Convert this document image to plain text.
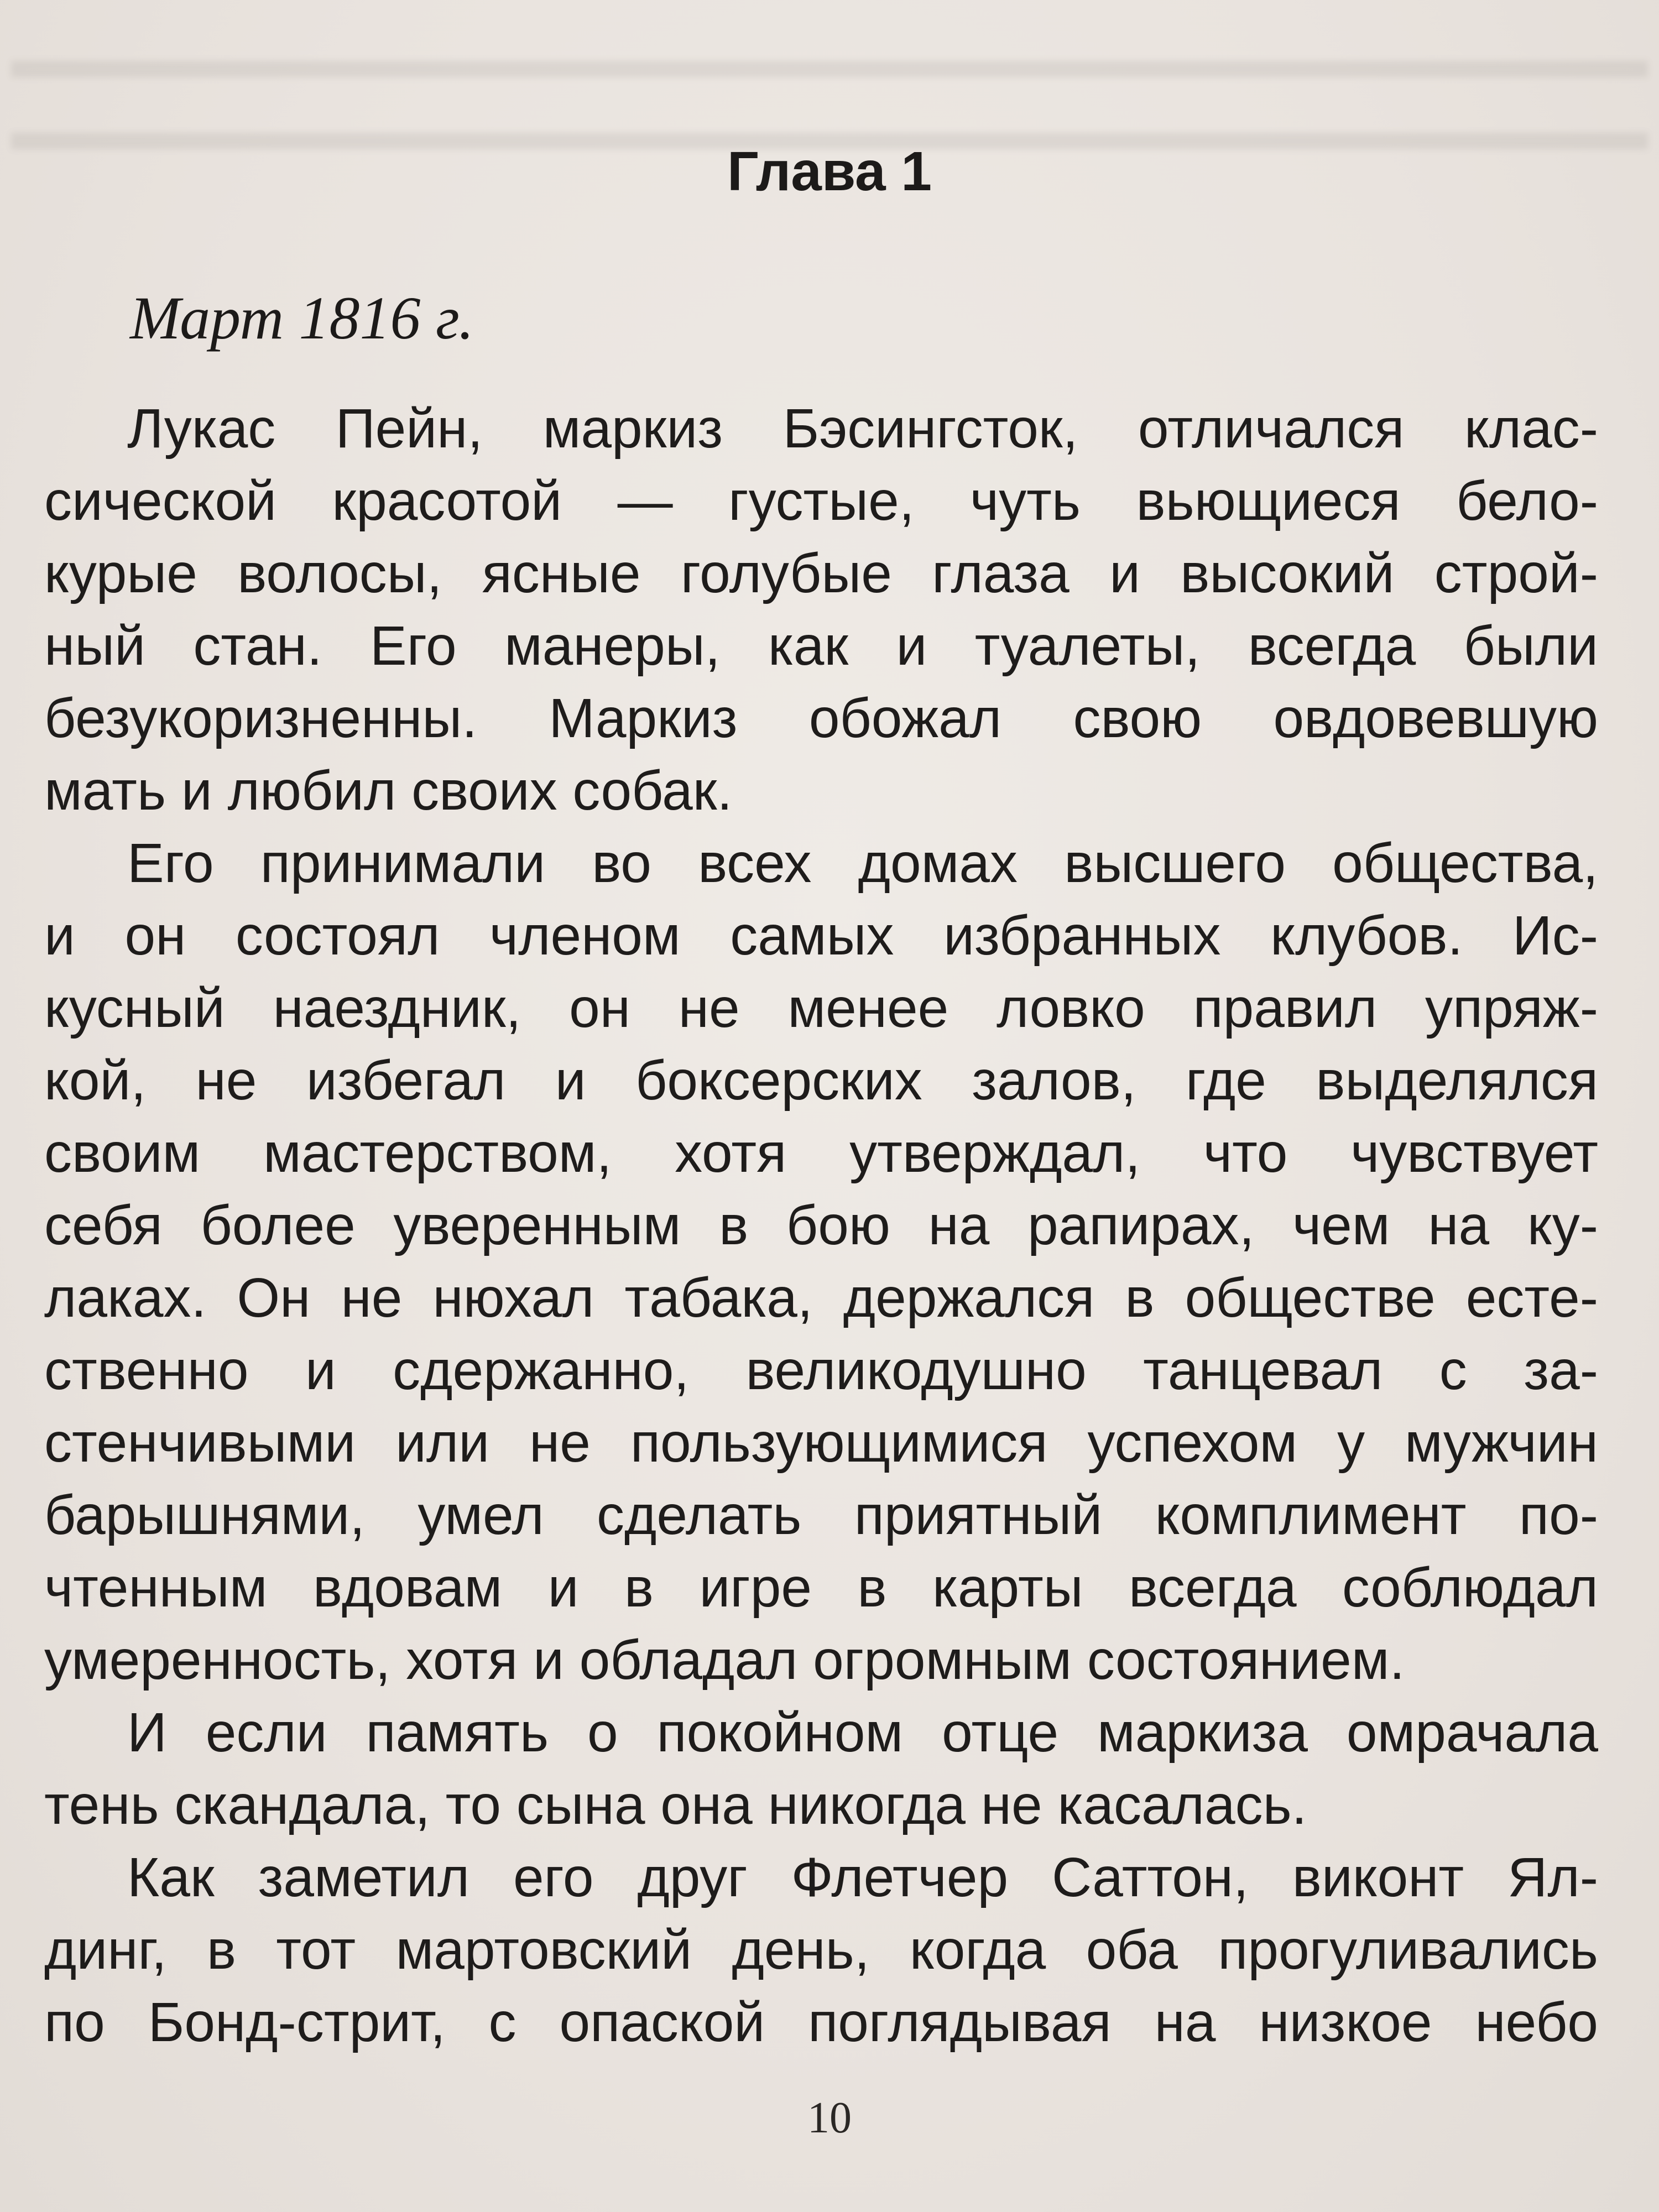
Глава 1
Март 1816 г.
Лукас Пейн, маркиз Бэсингсток, отличался клас-
сической красотой — густые, чуть вьющиеся бело-
курые волосы, ясные голубые глаза и высокий строй-
ный стан. Его манеры, как и туалеты, всегда были
безукоризненны. Маркиз обожал свою овдовевшую
мать и любил своих собак.
Его принимали во всех домах высшего общества,
и он состоял членом самых избранных клубов. Ис-
кусный наездник, он не менее ловко правил упряж-
кой, не избегал и боксерских залов, где выделялся
своим мастерством, хотя утверждал, что чувствует
себя более уверенным в бою на рапирах, чем на ку-
лаках. Он не нюхал табака, держался в обществе есте-
ственно и сдержанно, великодушно танцевал с за-
стенчивыми или не пользующимися успехом у мужчин
барышнями, умел сделать приятный комплимент по-
чтенным вдовам и в игре в карты всегда соблюдал
умеренность, хотя и обладал огромным состоянием.
И если память о покойном отце маркиза омрачала
тень скандала, то сына она никогда не касалась.
Как заметил его друг Флетчер Саттон, виконт Ял-
динг, в тот мартовский день, когда оба прогуливались
по Бонд-стрит, с опаской поглядывая на низкое небо
10
